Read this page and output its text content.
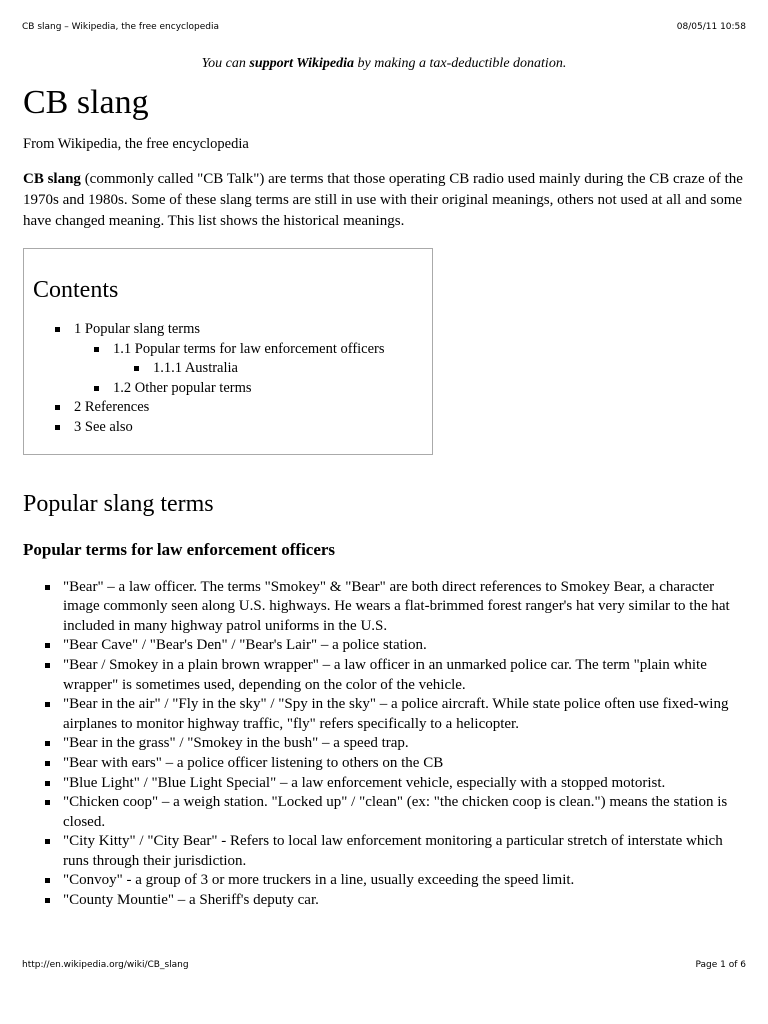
CB slang – Wikipedia, the free encyclopedia	08/05/11 10:58
You can support Wikipedia by making a tax-deductible donation.
CB slang
From Wikipedia, the free encyclopedia

CB slang (commonly called "CB Talk") are terms that those operating CB radio used mainly during the CB craze of the 1970s and 1980s. Some of these slang terms are still in use with their original meanings, others not used at all and some have changed meaning. This list shows the historical meanings.

Contents
1 Popular slang terms
1.1 Popular terms for law enforcement officers
1.1.1 Australia
1.2 Other popular terms
2 References
3 See also
Popular slang terms
Popular terms for law enforcement officers
"Bear" – a law officer. The terms "Smokey" & "Bear" are both direct references to Smokey Bear, a character image commonly seen along U.S. highways. He wears a flat-brimmed forest ranger's hat very similar to the hat included in many highway patrol uniforms in the U.S.
"Bear Cave" / "Bear's Den" / "Bear's Lair" – a police station.
"Bear / Smokey in a plain brown wrapper" – a law officer in an unmarked police car. The term "plain white wrapper" is sometimes used, depending on the color of the vehicle.
"Bear in the air" / "Fly in the sky" / "Spy in the sky" – a police aircraft. While state police often use fixed-wing airplanes to monitor highway traffic, "fly" refers specifically to a helicopter.
"Bear in the grass" / "Smokey in the bush" – a speed trap.
"Bear with ears" – a police officer listening to others on the CB
"Blue Light" / "Blue Light Special" – a law enforcement vehicle, especially with a stopped motorist.
"Chicken coop" – a weigh station. "Locked up" / "clean" (ex: "the chicken coop is clean.") means the station is closed.
"City Kitty" / "City Bear" - Refers to local law enforcement monitoring a particular stretch of interstate which runs through their jurisdiction.
"Convoy" - a group of 3 or more truckers in a line, usually exceeding the speed limit.
"County Mountie" – a Sheriff's deputy car.
http://en.wikipedia.org/wiki/CB_slang	Page 1 of 6
